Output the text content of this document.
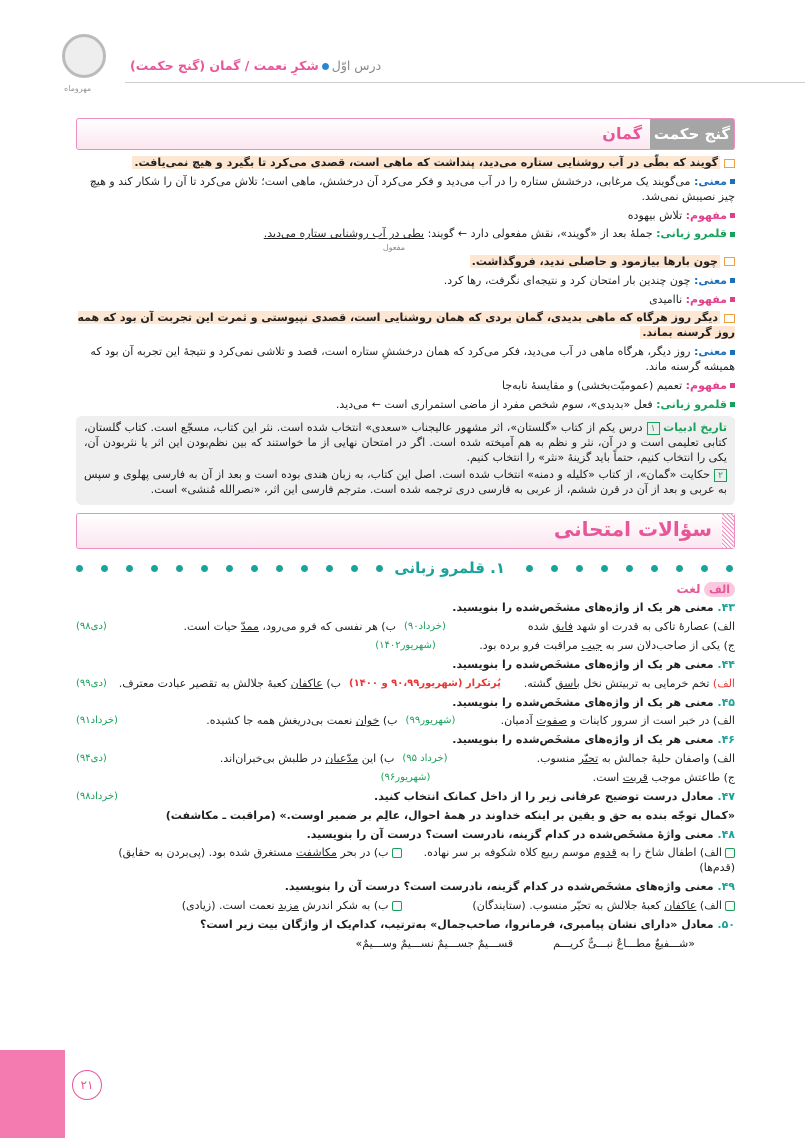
مهروماه
درس اوّلشکرِ نعمت / گمان (گنج حکمت)
گنج حکمت
گمان
گویند که بطّی در آب روشنایی ستاره می‌دید، پنداشت که ماهی است، قصدی می‌کرد تا بگیرد و هیچ نمی‌یافت.
معنی: می‌گویند یک مرغابی، درخشش ستاره را در آب می‌دید و فکر می‌کرد آن درخشش، ماهی است؛ تلاش می‌کرد تا آن را شکار کند و هیچ چیز نصیبش نمی‌شد.
مفهوم: تلاش بیهوده
قلمرو زبانی: جملهٔ بعد از «گویند»، نقش مفعولی دارد ← گویند: بطی در آب روشنایی ستاره می‌دید.
مفعول
چون بارها بیازمود و حاصلی ندید، فروگذاشت.
معنی: چون چندین بار امتحان کرد و نتیجه‌ای نگرفت، رها کرد.
مفهوم: ناامیدی
دیگر روز هرگاه که ماهی بدیدی، گمان بردی که همان روشنایی است، قصدی نپیوستی و ثمرت این تجربت آن بود که همه روز گرسنه بماند.
معنی: روز دیگر، هرگاه ماهی در آب می‌دید، فکر می‌کرد که همان درخششِ ستاره است، قصد و تلاشی نمی‌کرد و نتیجهٔ این تجربه آن بود که همیشه گرسنه ماند.
مفهوم: تعمیم (عمومیّت‌بخشی) و مقایسهٔ نابه‌جا
قلمرو زبانی: فعل «بدیدی»، سوم شخص مفرد از ماضی استمراری است ← می‌دید.
تاریخ ادبیات ۱درس یکم از کتاب «گلستان»، اثر مشهور عالیجناب «سعدی» انتخاب شده است. نثر این کتاب، مسجّع است. کتاب گلستان، کتابی تعلیمی است و در آن، نثر و نظم به هم آمیخته شده است. اگر در امتحان نهایی از ما خواستند که بین نظم‌بودن این اثر یا نثربودن آن، یکی را انتخاب کنیم، حتماً باید گزینهٔ «نثر» را انتخاب کنیم.
۲حکایت «گمان»، از کتاب «کلیله و دمنه» انتخاب شده است. اصل این کتاب، به زبان هندی بوده است و بعد از آن به فارسی پهلوی و سپس به عربی و بعد از آن در قرن ششم، از عربی به فارسی دری ترجمه شده است. مترجم فارسی این اثر، «نصرالله مُنشی» است.
سؤالات امتحانی
۱. قلمرو زبانی
الف لغت
۴۳. معنی هر یک از واژه‌های مشخَص‌شده را بنویسید.
الف) عصارهٔ تاکی به قدرت او شهد فایق شده
(خرداد۹۰)
ب) هر نفسی که فرو می‌رود، ممدّ حیات است.
(دی۹۸)
ج) یکی از صاحب‌دلان سر به جیب مراقبت فرو برده بود.
(شهریور۱۴۰۲)
۴۴. معنی هر یک از واژه‌های مشخَص‌شده را بنویسید.
الف) تخم خرمایی به تربیتش نخل باسق گشته.
پُرتکرار (شهریور۹۰،۹۹ و ۱۴۰۰)
ب) عاکفان کعبهٔ جلالش به تقصیر عبادت معترف.
(دی۹۹)
۴۵. معنی هر یک از واژه‌های مشخَص‌شده را بنویسید.
الف) در خبر است از سرور کاینات و صفوت آدمیان.
(شهریور۹۹)
ب) خوان نعمت بی‌دریغش همه جا کشیده.
(خرداد۹۱)
۴۶. معنی هر یک از واژه‌های مشخَص‌شده را بنویسید.
الف) واصفان حلیهٔ جمالش به تحیّر منسوب.
(خرداد ۹۵)
ب) این مدّعیان در طلبش بی‌خبران‌اند.
(دی۹۴)
ج) طاعتش موجب قربت است.
(شهریور۹۶)
۴۷. معادل درست توضیح عرفانی زیر را از داخل کمانک انتخاب کنید.
(خرداد۹۸)
«کمال توجّه بنده به حق و یقین بر اینکه خداوند در همهٔ احوال، عالِم بر ضمیر اوست.» (مراقبت ـ مکاشفت)
۴۸. معنی واژهٔ مشخَص‌شده در کدام گزینه، نادرست است؟ درست آن را بنویسید.
الف) اطفال شاخ را به قدوم موسم ربیع کلاه شکوفه بر سر نهاده. (قدم‌ها)
ب) در بحر مکاشفت مستغرق شده بود. (پی‌بردن به حقایق)
۴۹. معنی واژه‌های مشخَص‌شده در کدام گزینه، نادرست است؟ درست آن را بنویسید.
الف) عاکفان کعبهٔ جلالش به تحیّر منسوب. (ستایندگان)
ب) به شکر اندرش مزید نعمت است. (زیادی)
۵۰. معادل «دارای نشان پیامبری، فرمانروا، صاحب‌جمال» به‌ترتیب، کدام‌یک از واژگان بیت زیر است؟
«شـــفیعٌ مطـــاعٌ نبـــیٌّ کریـــم
قســـیمٌ جســـیمٌ نســـیمٌ وســـیمٌ»
۲۱
